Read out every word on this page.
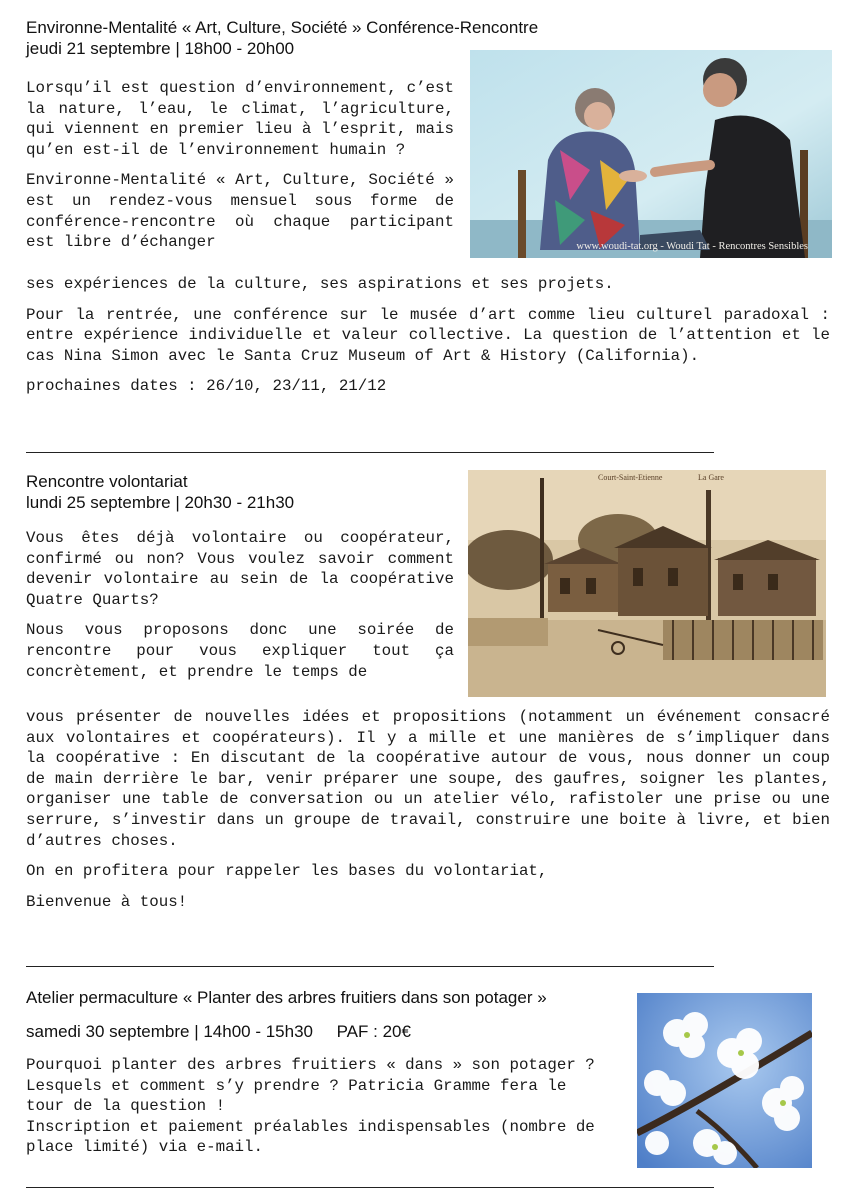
Environne-Mentalité « Art, Culture, Société » Conférence-Rencontre

jeudi 21 septembre | 18h00 - 20h00

www.woudi-tat.org - Woudi Tat - Rencontres Sensibles

Lorsqu’il est question d’environnement, c’est la nature, l’eau, le climat, l’agriculture, qui viennent en premier lieu à l’esprit, mais qu’en est-il de l’environnement humain ?

Environne-Mentalité « Art, Culture, Société » est un rendez-vous mensuel sous forme de conférence-rencontre où chaque participant est libre d’échanger

ses expériences de la culture, ses aspirations et ses projets.

Pour la rentrée, une conférence sur le musée d’art comme lieu culturel paradoxal : entre expérience individuelle et valeur collective. La question de l’attention et le cas Nina Simon avec le Santa Cruz Museum of Art & History (California).

prochaines dates : 26/10, 23/11, 21/12

Rencontre volontariat

lundi 25 septembre | 20h30 - 21h30

Court-Saint-Etienne	La Gare

Vous êtes déjà volontaire ou coopérateur, confirmé ou non? Vous voulez savoir comment devenir volontaire au sein de la coopérative Quatre Quarts?

Nous vous proposons donc une soirée de rencontre pour vous expliquer tout ça concrètement, et prendre le temps de

vous présenter de nouvelles idées et propositions (notamment un événement consacré aux volontaires et coopérateurs). Il y a mille et une manières de s’impliquer dans la coopérative : En discutant de la coopérative autour de vous, nous donner un coup de main derrière le bar, venir préparer une soupe, des gaufres, soigner les plantes, organiser une table de conversation ou un atelier vélo, rafistoler une prise ou une serrure, s’investir dans un groupe de travail, construire une boite à livre, et bien d’autres choses.

On en profitera pour rappeler les bases du volontariat,

Bienvenue à tous!

Atelier permaculture « Planter des arbres fruitiers dans son potager »

samedi 30 septembre | 14h00 - 15h30     PAF : 20€

Pourquoi planter des arbres fruitiers « dans » son potager ? Lesquels et comment s’y prendre ? Patricia Gramme fera le tour de la question !

Inscription et paiement préalables indispensables (nombre de place limité) via e-mail.
